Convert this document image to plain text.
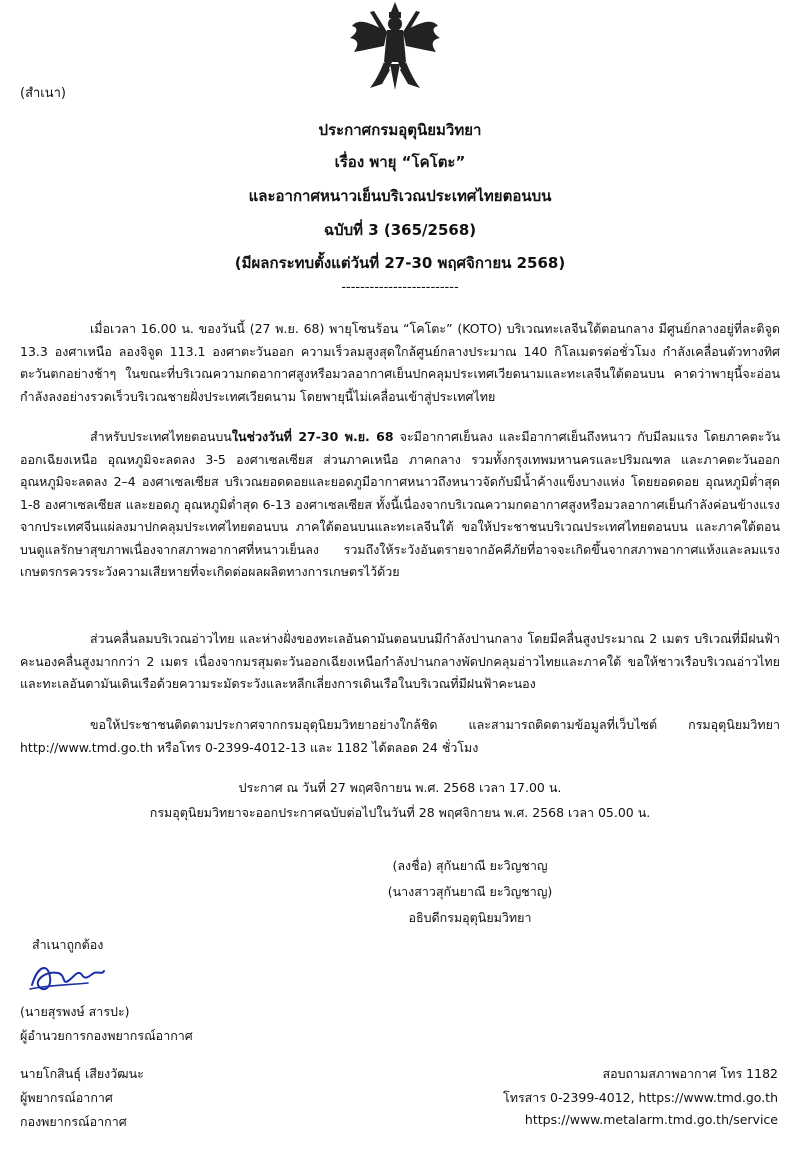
(สำเนา)
ประกาศกรมอุตุนิยมวิทยา
เรื่อง พายุ “โคโตะ”
และอากาศหนาวเย็นบริเวณประเทศไทยตอนบน
ฉบับที่ 3 (365/2568)
(มีผลกระทบตั้งแต่วันที่ 27-30 พฤศจิกายน 2568)
-------------------------
เมื่อเวลา 16.00 น. ของวันนี้ (27 พ.ย. 68) พายุโซนร้อน “โคโตะ” (KOTO) บริเวณทะเลจีนใต้ตอนกลาง มีศูนย์กลางอยู่ที่ละติจูด 13.3 องศาเหนือ ลองจิจูด 113.1 องศาตะวันออก ความเร็วลมสูงสุดใกล้ศูนย์กลางประมาณ 140 กิโลเมตรต่อชั่วโมง กำลังเคลื่อนตัวทางทิศตะวันตกอย่างช้าๆ ในขณะที่บริเวณความกดอากาศสูงหรือมวลอากาศเย็นปกคลุมประเทศเวียดนามและทะเลจีนใต้ตอนบน คาดว่าพายุนี้จะอ่อนกำลังลงอย่างรวดเร็วบริเวณชายฝั่งประเทศเวียดนาม โดยพายุนี้ไม่เคลื่อนเข้าสู่ประเทศไทย
สำหรับประเทศไทยตอนบนในช่วงวันที่ 27-30 พ.ย. 68 จะมีอากาศเย็นลง และมีอากาศเย็นถึงหนาว กับมีลมแรง โดยภาคตะวันออกเฉียงเหนือ อุณหภูมิจะลดลง 3-5 องศาเซลเซียส ส่วนภาคเหนือ ภาคกลาง รวมทั้งกรุงเทพมหานครและปริมณฑล และภาคตะวันออก อุณหภูมิจะลดลง 2–4 องศาเซลเซียส บริเวณยอดดอยและยอดภูมีอากาศหนาวถึงหนาวจัดกับมีน้ำค้างแข็งบางแห่ง โดยยอดดอย อุณหภูมิต่ำสุด 1-8 องศาเซลเซียส และยอดภู อุณหภูมิต่ำสุด 6-13 องศาเซลเซียส ทั้งนี้เนื่องจากบริเวณความกดอากาศสูงหรือมวลอากาศเย็นกำลังค่อนข้างแรงจากประเทศจีนแผ่ลงมาปกคลุมประเทศไทยตอนบน ภาคใต้ตอนบนและทะเลจีนใต้ ขอให้ประชาชนบริเวณประเทศไทยตอนบน และภาคใต้ตอนบนดูแลรักษาสุขภาพเนื่องจากสภาพอากาศที่หนาวเย็นลง รวมถึงให้ระวังอันตรายจากอัคคีภัยที่อาจจะเกิดขึ้นจากสภาพอากาศแห้งและลมแรง เกษตรกรควรระวังความเสียหายที่จะเกิดต่อผลผลิตทางการเกษตรไว้ด้วย
ส่วนคลื่นลมบริเวณอ่าวไทย และห่างฝั่งของทะเลอันดามันตอนบนมีกำลังปานกลาง โดยมีคลื่นสูงประมาณ 2 เมตร บริเวณที่มีฝนฟ้าคะนองคลื่นสูงมากกว่า 2 เมตร เนื่องจากมรสุมตะวันออกเฉียงเหนือกำลังปานกลางพัดปกคลุมอ่าวไทยและภาคใต้ ขอให้ชาวเรือบริเวณอ่าวไทยและทะเลอันดามันเดินเรือด้วยความระมัดระวังและหลีกเลี่ยงการเดินเรือในบริเวณที่มีฝนฟ้าคะนอง
ขอให้ประชาชนติดตามประกาศจากกรมอุตุนิยมวิทยาอย่างใกล้ชิด และสามารถติดตามข้อมูลที่เว็บไซต์ กรมอุตุนิยมวิทยา http://www.tmd.go.th หรือโทร 0-2399-4012-13 และ 1182 ได้ตลอด 24 ชั่วโมง
ประกาศ ณ วันที่ 27 พฤศจิกายน พ.ศ. 2568 เวลา 17.00 น.
กรมอุตุนิยมวิทยาจะออกประกาศฉบับต่อไปในวันที่ 28 พฤศจิกายน พ.ศ. 2568 เวลา 05.00 น.
(ลงชื่อ) สุกันยาณี ยะวิญชาญ
(นางสาวสุกันยาณี ยะวิญชาญ)
อธิบดีกรมอุตุนิยมวิทยา
สำเนาถูกต้อง
(นายสุรพงษ์ สารปะ)
ผู้อำนวยการกองพยากรณ์อากาศ
นายโกสินธุ์ เสียงวัฒนะ
ผู้พยากรณ์อากาศ
กองพยากรณ์อากาศ
สอบถามสภาพอากาศ โทร 1182
โทรสาร 0-2399-4012, https://www.tmd.go.th
https://www.metalarm.tmd.go.th/service
